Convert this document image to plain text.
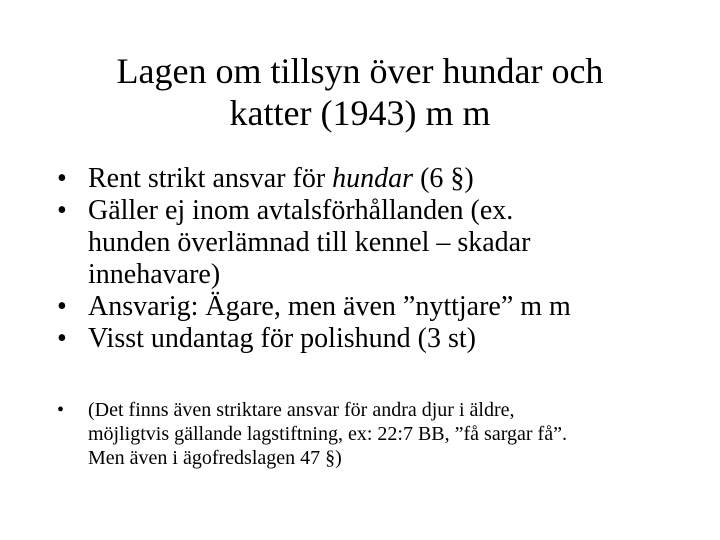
Lagen om tillsyn över hundar och
katter (1943) m m
• Rent strikt ansvar för hundar (6 §)
• Gäller ej inom avtalsförhållanden (ex.
hunden överlämnad till kennel – skadar
innehavare)
• Ansvarig: Ägare, men även ”nyttjare” m m
• Visst undantag för polishund (3 st)
•	(Det finns även striktare ansvar för andra djur i äldre,
möjligtvis gällande lagstiftning, ex: 22:7 BB, ”få sargar få”.
Men även i ägofredslagen 47 §)
